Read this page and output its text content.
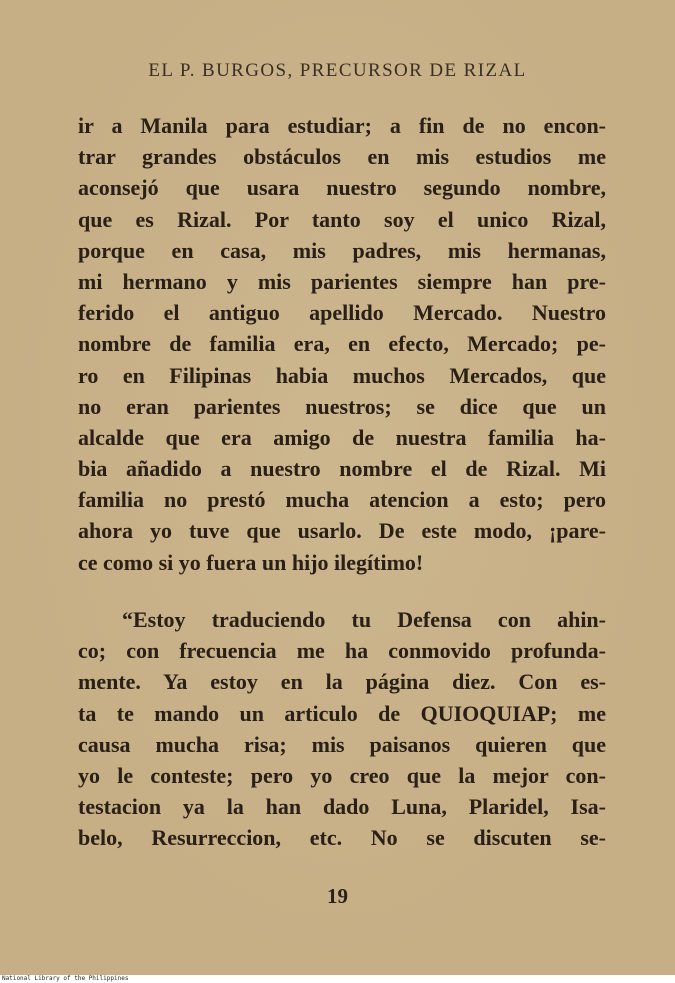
EL P. BURGOS, PRECURSOR DE RIZAL
ir a Manila para estudiar; a fin de no encon-
trar grandes obstáculos en mis estudios me
aconsejó que usara nuestro segundo nombre,
que es Rizal. Por tanto soy el unico Rizal,
porque en casa, mis padres, mis hermanas,
mi hermano y mis parientes siempre han pre-
ferido el antiguo apellido Mercado. Nuestro
nombre de familia era, en efecto, Mercado; pe-
ro en Filipinas habia muchos Mercados, que
no eran parientes nuestros; se dice que un
alcalde que era amigo de nuestra familia ha-
bia añadido a nuestro nombre el de Rizal. Mi
familia no prestó mucha atencion a esto; pero
ahora yo tuve que usarlo. De este modo, ¡pare-
ce como si yo fuera un hijo ilegítimo!
“Estoy traduciendo tu Defensa con ahin-
co; con frecuencia me ha conmovido profunda-
mente. Ya estoy en la página diez. Con es-
ta te mando un articulo de QUIOQUIAP; me
causa mucha risa; mis paisanos quieren que
yo le conteste; pero yo creo que la mejor con-
testacion ya la han dado Luna, Plaridel, Isa-
belo, Resurreccion, etc. No se discuten se-
19
National Library of the Philippines
